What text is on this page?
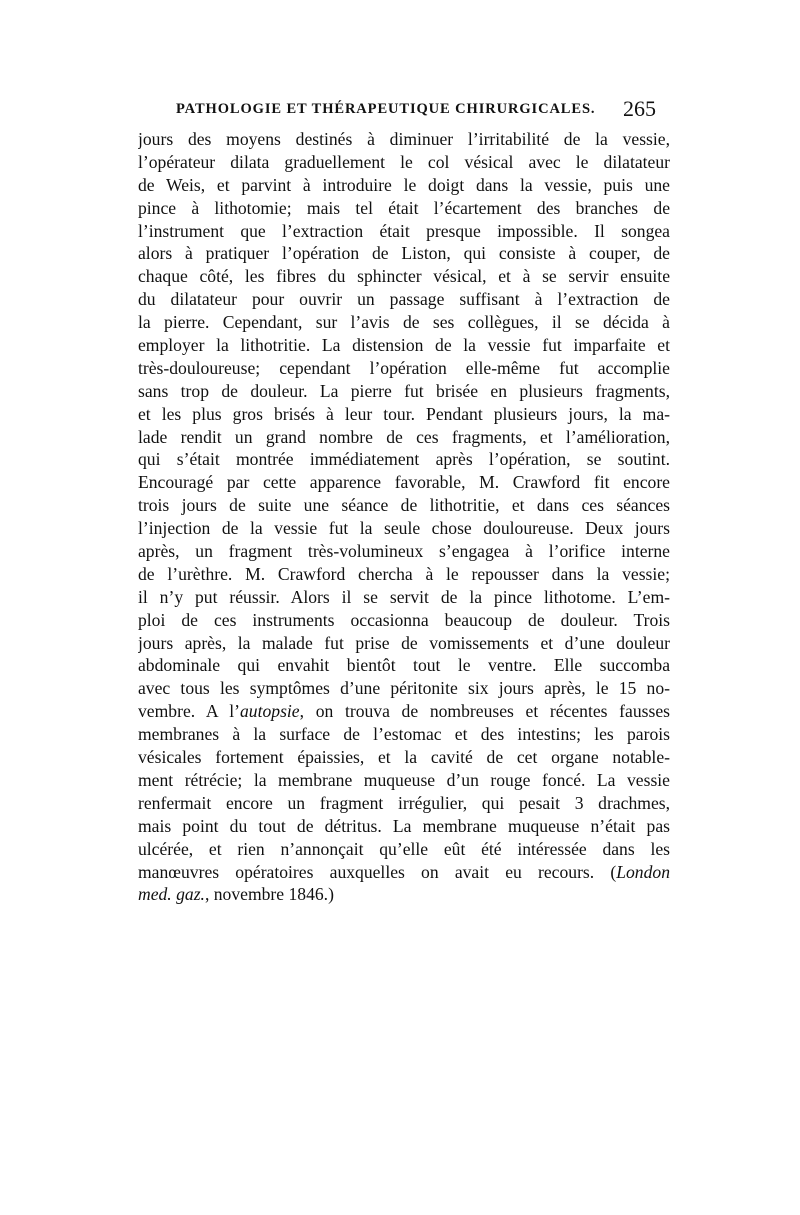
PATHOLOGIE ET THÉRAPEUTIQUE CHIRURGICALES. 265
jours des moyens destinés à diminuer l’irritabilité de la vessie,
l’opérateur dilata graduellement le col vésical avec le dilatateur
de Weis, et parvint à introduire le doigt dans la vessie, puis une
pince à lithotomie; mais tel était l’écartement des branches de
l’instrument que l’extraction était presque impossible. Il songea
alors à pratiquer l’opération de Liston, qui consiste à couper, de
chaque côté, les fibres du sphincter vésical, et à se servir ensuite
du dilatateur pour ouvrir un passage suffisant à l’extraction de
la pierre. Cependant, sur l’avis de ses collègues, il se décida à
employer la lithotritie. La distension de la vessie fut imparfaite et
très-douloureuse; cependant l’opération elle-même fut accomplie
sans trop de douleur. La pierre fut brisée en plusieurs fragments,
et les plus gros brisés à leur tour. Pendant plusieurs jours, la ma-
lade rendit un grand nombre de ces fragments, et l’amélioration,
qui s’était montrée immédiatement après l’opération, se soutint.
Encouragé par cette apparence favorable, M. Crawford fit encore
trois jours de suite une séance de lithotritie, et dans ces séances
l’injection de la vessie fut la seule chose douloureuse. Deux jours
après, un fragment très-volumineux s’engagea à l’orifice interne
de l’urèthre. M. Crawford chercha à le repousser dans la vessie;
il n’y put réussir. Alors il se servit de la pince lithotome. L’em-
ploi de ces instruments occasionna beaucoup de douleur. Trois
jours après, la malade fut prise de vomissements et d’une douleur
abdominale qui envahit bientôt tout le ventre. Elle succomba
avec tous les symptômes d’une péritonite six jours après, le 15 no-
vembre. A l’autopsie, on trouva de nombreuses et récentes fausses
membranes à la surface de l’estomac et des intestins; les parois
vésicales fortement épaissies, et la cavité de cet organe notable-
ment rétrécie; la membrane muqueuse d’un rouge foncé. La vessie
renfermait encore un fragment irrégulier, qui pesait 3 drachmes,
mais point du tout de détritus. La membrane muqueuse n’était pas
ulcérée, et rien n’annonçait qu’elle eût été intéressée dans les
manœuvres opératoires auxquelles on avait eu recours. (London
med. gaz., novembre 1846.)
